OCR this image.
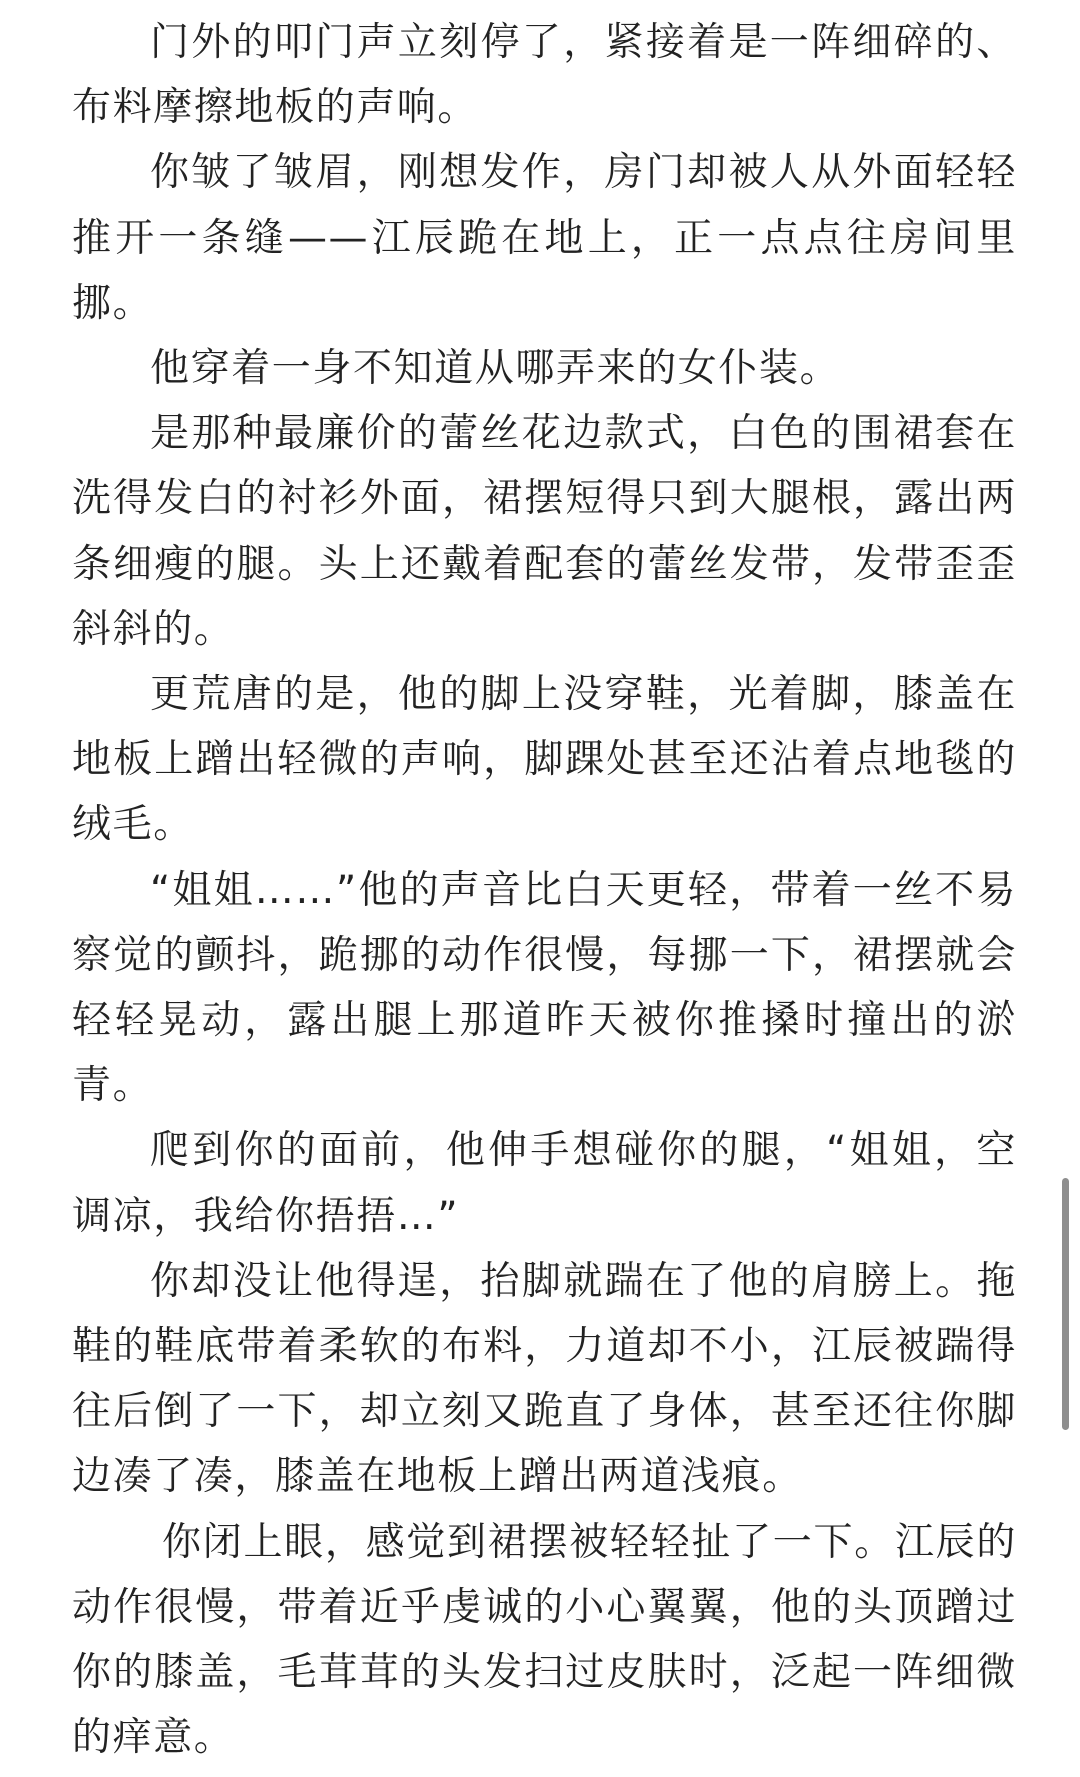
门外的叩门声立刻停了，紧接着是一阵细碎的、布料摩擦地板的声响。

你皱了皱眉，刚想发作，房门却被人从外面轻轻推开一条缝——江辰跪在地上，正一点点往房间里挪。

他穿着一身不知道从哪弄来的女仆装。

是那种最廉价的蕾丝花边款式，白色的围裙套在洗得发白的衬衫外面，裙摆短得只到大腿根，露出两条细瘦的腿。头上还戴着配套的蕾丝发带，发带歪歪斜斜的。

更荒唐的是，他的脚上没穿鞋，光着脚，膝盖在地板上蹭出轻微的声响，脚踝处甚至还沾着点地毯的绒毛。

“姐姐……”他的声音比白天更轻，带着一丝不易察觉的颤抖，跪挪的动作很慢，每挪一下，裙摆就会轻轻晃动，露出腿上那道昨天被你推搡时撞出的淤青。

爬到你的面前，他伸手想碰你的腿，“姐姐，空调凉，我给你捂捂…”

你却没让他得逞，抬脚就踹在了他的肩膀上。拖鞋的鞋底带着柔软的布料，力道却不小，江辰被踹得往后倒了一下，却立刻又跪直了身体，甚至还往你脚边凑了凑，膝盖在地板上蹭出两道浅痕。

你闭上眼，感觉到裙摆被轻轻扯了一下。江辰的动作很慢，带着近乎虔诚的小心翼翼，他的头顶蹭过你的膝盖，毛茸茸的头发扫过皮肤时，泛起一阵细微的痒意。
